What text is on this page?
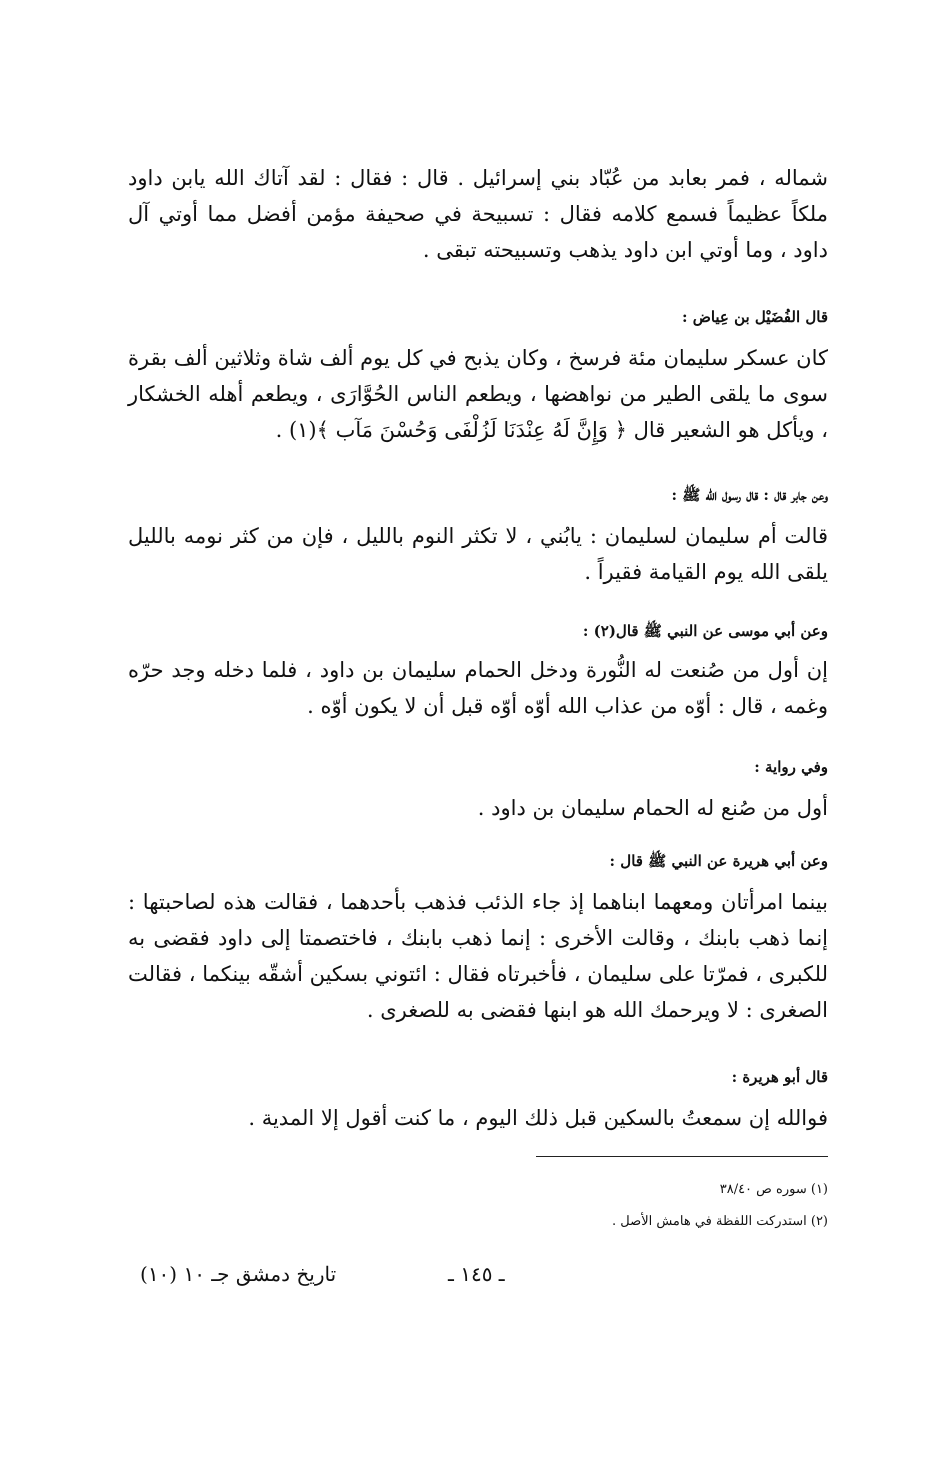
شماله ، فمر بعابد من عُبّاد بني إسرائيل . قال : فقال : لقد آتاك الله يابن داود ملكاً عظيماً فسمع كلامه فقال : تسبيحة في صحيفة مؤمن أفضل مما أوتي آل داود ، وما أوتي ابن داود يذهب وتسبيحته تبقى .
قال الفُضَيْل بن عِياض :
كان عسكر سليمان مئة فرسخ ، وكان يذبح في كل يوم ألف شاة وثلاثين ألف بقرة سوى ما يلقى الطير من نواهضها ، ويطعم الناس الحُوَّارَى ، ويطعم أهله الخشكار ، ويأكل هو الشعير قال ﴿ وَإِنَّ لَهُ عِنْدَنَا لَزُلْفَى وَحُسْنَ مَآب ﴾(١) .
وعن جابر قال : قال رسول الله ﷺ :
قالت أم سليمان لسليمان : يابُني ، لا تكثر النوم بالليل ، فإن من كثر نومه بالليل يلقى الله يوم القيامة فقيراً .
وعن أبي موسى عن النبي ﷺ قال(٢) :
إن أول من صُنعت له النُّورة ودخل الحمام سليمان بن داود ، فلما دخله وجد حرّه وغمه ، قال : أوّه من عذاب الله أوّه أوّه قبل أن لا يكون أوّه .
وفي رواية :
أول من صُنع له الحمام سليمان بن داود .
وعن أبي هريرة عن النبي ﷺ قال :
بينما امرأتان ومعهما ابناهما إذ جاء الذئب فذهب بأحدهما ، فقالت هذه لصاحبتها : إنما ذهب بابنك ، وقالت الأخرى : إنما ذهب بابنك ، فاختصمتا إلى داود فقضى به للكبرى ، فمرّتا على سليمان ، فأخبرتاه فقال : ائتوني بسكين أشقّه بينكما ، فقالت الصغرى : لا ويرحمك الله هو ابنها فقضى به للصغرى .
قال أبو هريرة :
فوالله إن سمعتُ بالسكين قبل ذلك اليوم ، ما كنت أقول إلا المدية .
(١) سوره ص ٣٨/٤٠
(٢) استدركت اللفظة في هامش الأصل .
ـ ١٤٥ ـ
تاريخ دمشق جـ ١٠ (١٠)
